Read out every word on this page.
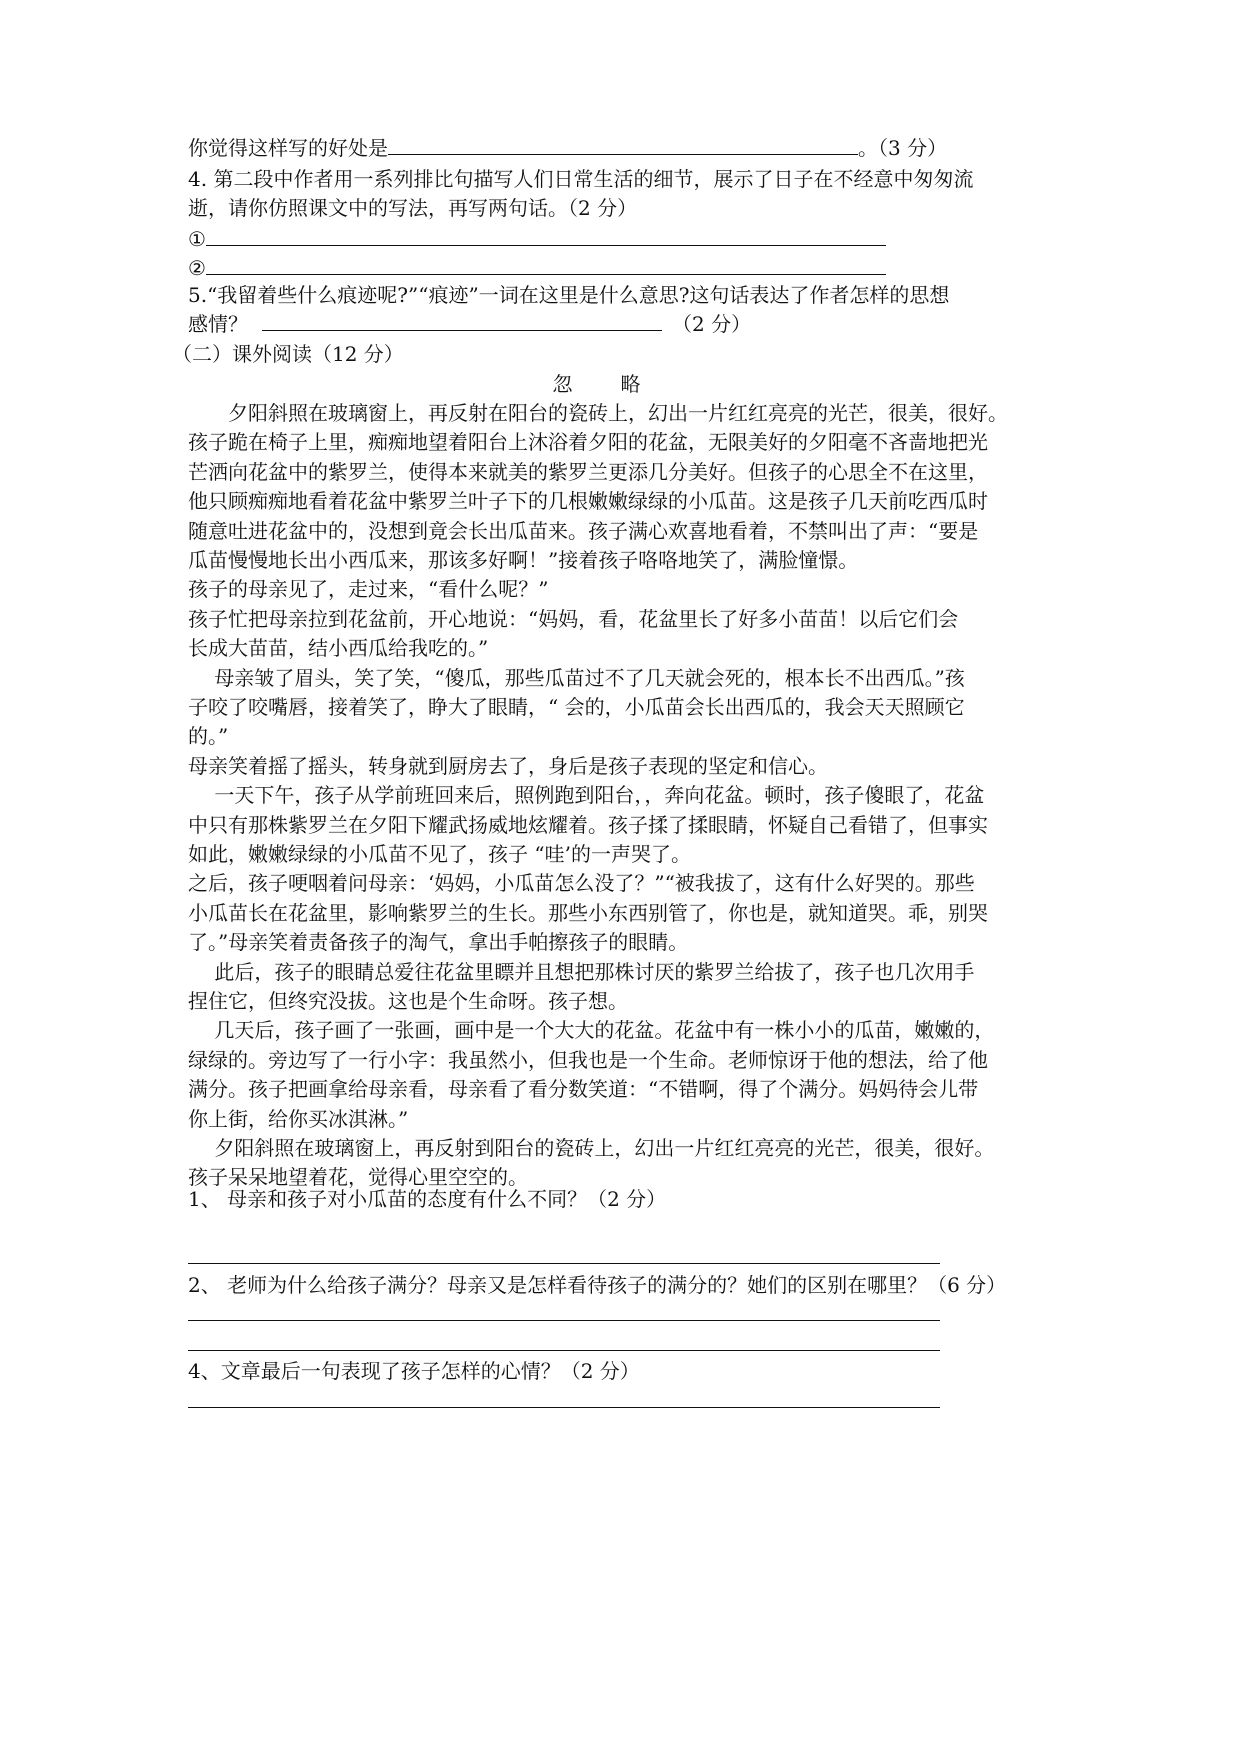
你觉得这样写的好处是	。（3 分）
4. 第二段中作者用一系列排比句描写人们日常生活的细节，展示了日子在不经意中匆匆流
逝，请你仿照课文中的写法，再写两句话。（2 分）
①
②
5.“我留着些什么痕迹呢?”“痕迹”一词在这里是什么意思?这句话表达了作者怎样的思想
感情？	（2 分）
（二）课外阅读（12 分）
忽略
　　夕阳斜照在玻璃窗上，再反射在阳台的瓷砖上，幻出一片红红亮亮的光芒，很美，很好。
孩子跪在椅子上里，痴痴地望着阳台上沐浴着夕阳的花盆，无限美好的夕阳毫不吝啬地把光
芒洒向花盆中的紫罗兰，使得本来就美的紫罗兰更添几分美好。但孩子的心思全不在这里，
他只顾痴痴地看着花盆中紫罗兰叶子下的几根嫩嫩绿绿的小瓜苗。这是孩子几天前吃西瓜时
随意吐进花盆中的，没想到竟会长出瓜苗来。孩子满心欢喜地看着，不禁叫出了声：“要是
瓜苗慢慢地长出小西瓜来，那该多好啊！”接着孩子咯咯地笑了，满脸憧憬。
孩子的母亲见了，走过来，“看什么呢？”
孩子忙把母亲拉到花盆前，开心地说：“妈妈，看，花盆里长了好多小苗苗！以后它们会
长成大苗苗，结小西瓜给我吃的。”
　 母亲皱了眉头，笑了笑，“傻瓜，那些瓜苗过不了几天就会死的，根本长不出西瓜。”孩
子咬了咬嘴唇，接着笑了，睁大了眼睛，“ 会的，小瓜苗会长出西瓜的，我会天天照顾它
的。”
母亲笑着摇了摇头，转身就到厨房去了，身后是孩子表现的坚定和信心。
　 一天下午，孩子从学前班回来后，照例跑到阳台，，奔向花盆。顿时，孩子傻眼了，花盆
中只有那株紫罗兰在夕阳下耀武扬威地炫耀着。孩子揉了揉眼睛，怀疑自己看错了，但事实
如此，嫩嫩绿绿的小瓜苗不见了，孩子 “哇’的一声哭了。
之后，孩子哽咽着问母亲：‘妈妈，小瓜苗怎么没了？”“被我拔了，这有什么好哭的。那些
小瓜苗长在花盆里，影响紫罗兰的生长。那些小东西别管了，你也是，就知道哭。乖，别哭
了。”母亲笑着责备孩子的淘气，拿出手帕擦孩子的眼睛。
　 此后，孩子的眼睛总爱往花盆里瞟并且想把那株讨厌的紫罗兰给拔了，孩子也几次用手
捏住它，但终究没拔。这也是个生命呀。孩子想。
　 几天后，孩子画了一张画，画中是一个大大的花盆。花盆中有一株小小的瓜苗，嫩嫩的，
绿绿的。旁边写了一行小字：我虽然小，但我也是一个生命。老师惊讶于他的想法，给了他
满分。孩子把画拿给母亲看，母亲看了看分数笑道：“不错啊，得了个满分。妈妈待会儿带
你上街，给你买冰淇淋。”
　 夕阳斜照在玻璃窗上，再反射到阳台的瓷砖上，幻出一片红红亮亮的光芒，很美，很好。
孩子呆呆地望着花，觉得心里空空的。
1、 母亲和孩子对小瓜苗的态度有什么不同？（2 分）
2、 老师为什么给孩子满分？母亲又是怎样看待孩子的满分的？她们的区别在哪里？（6 分）
4、文章最后一句表现了孩子怎样的心情？（2 分）
